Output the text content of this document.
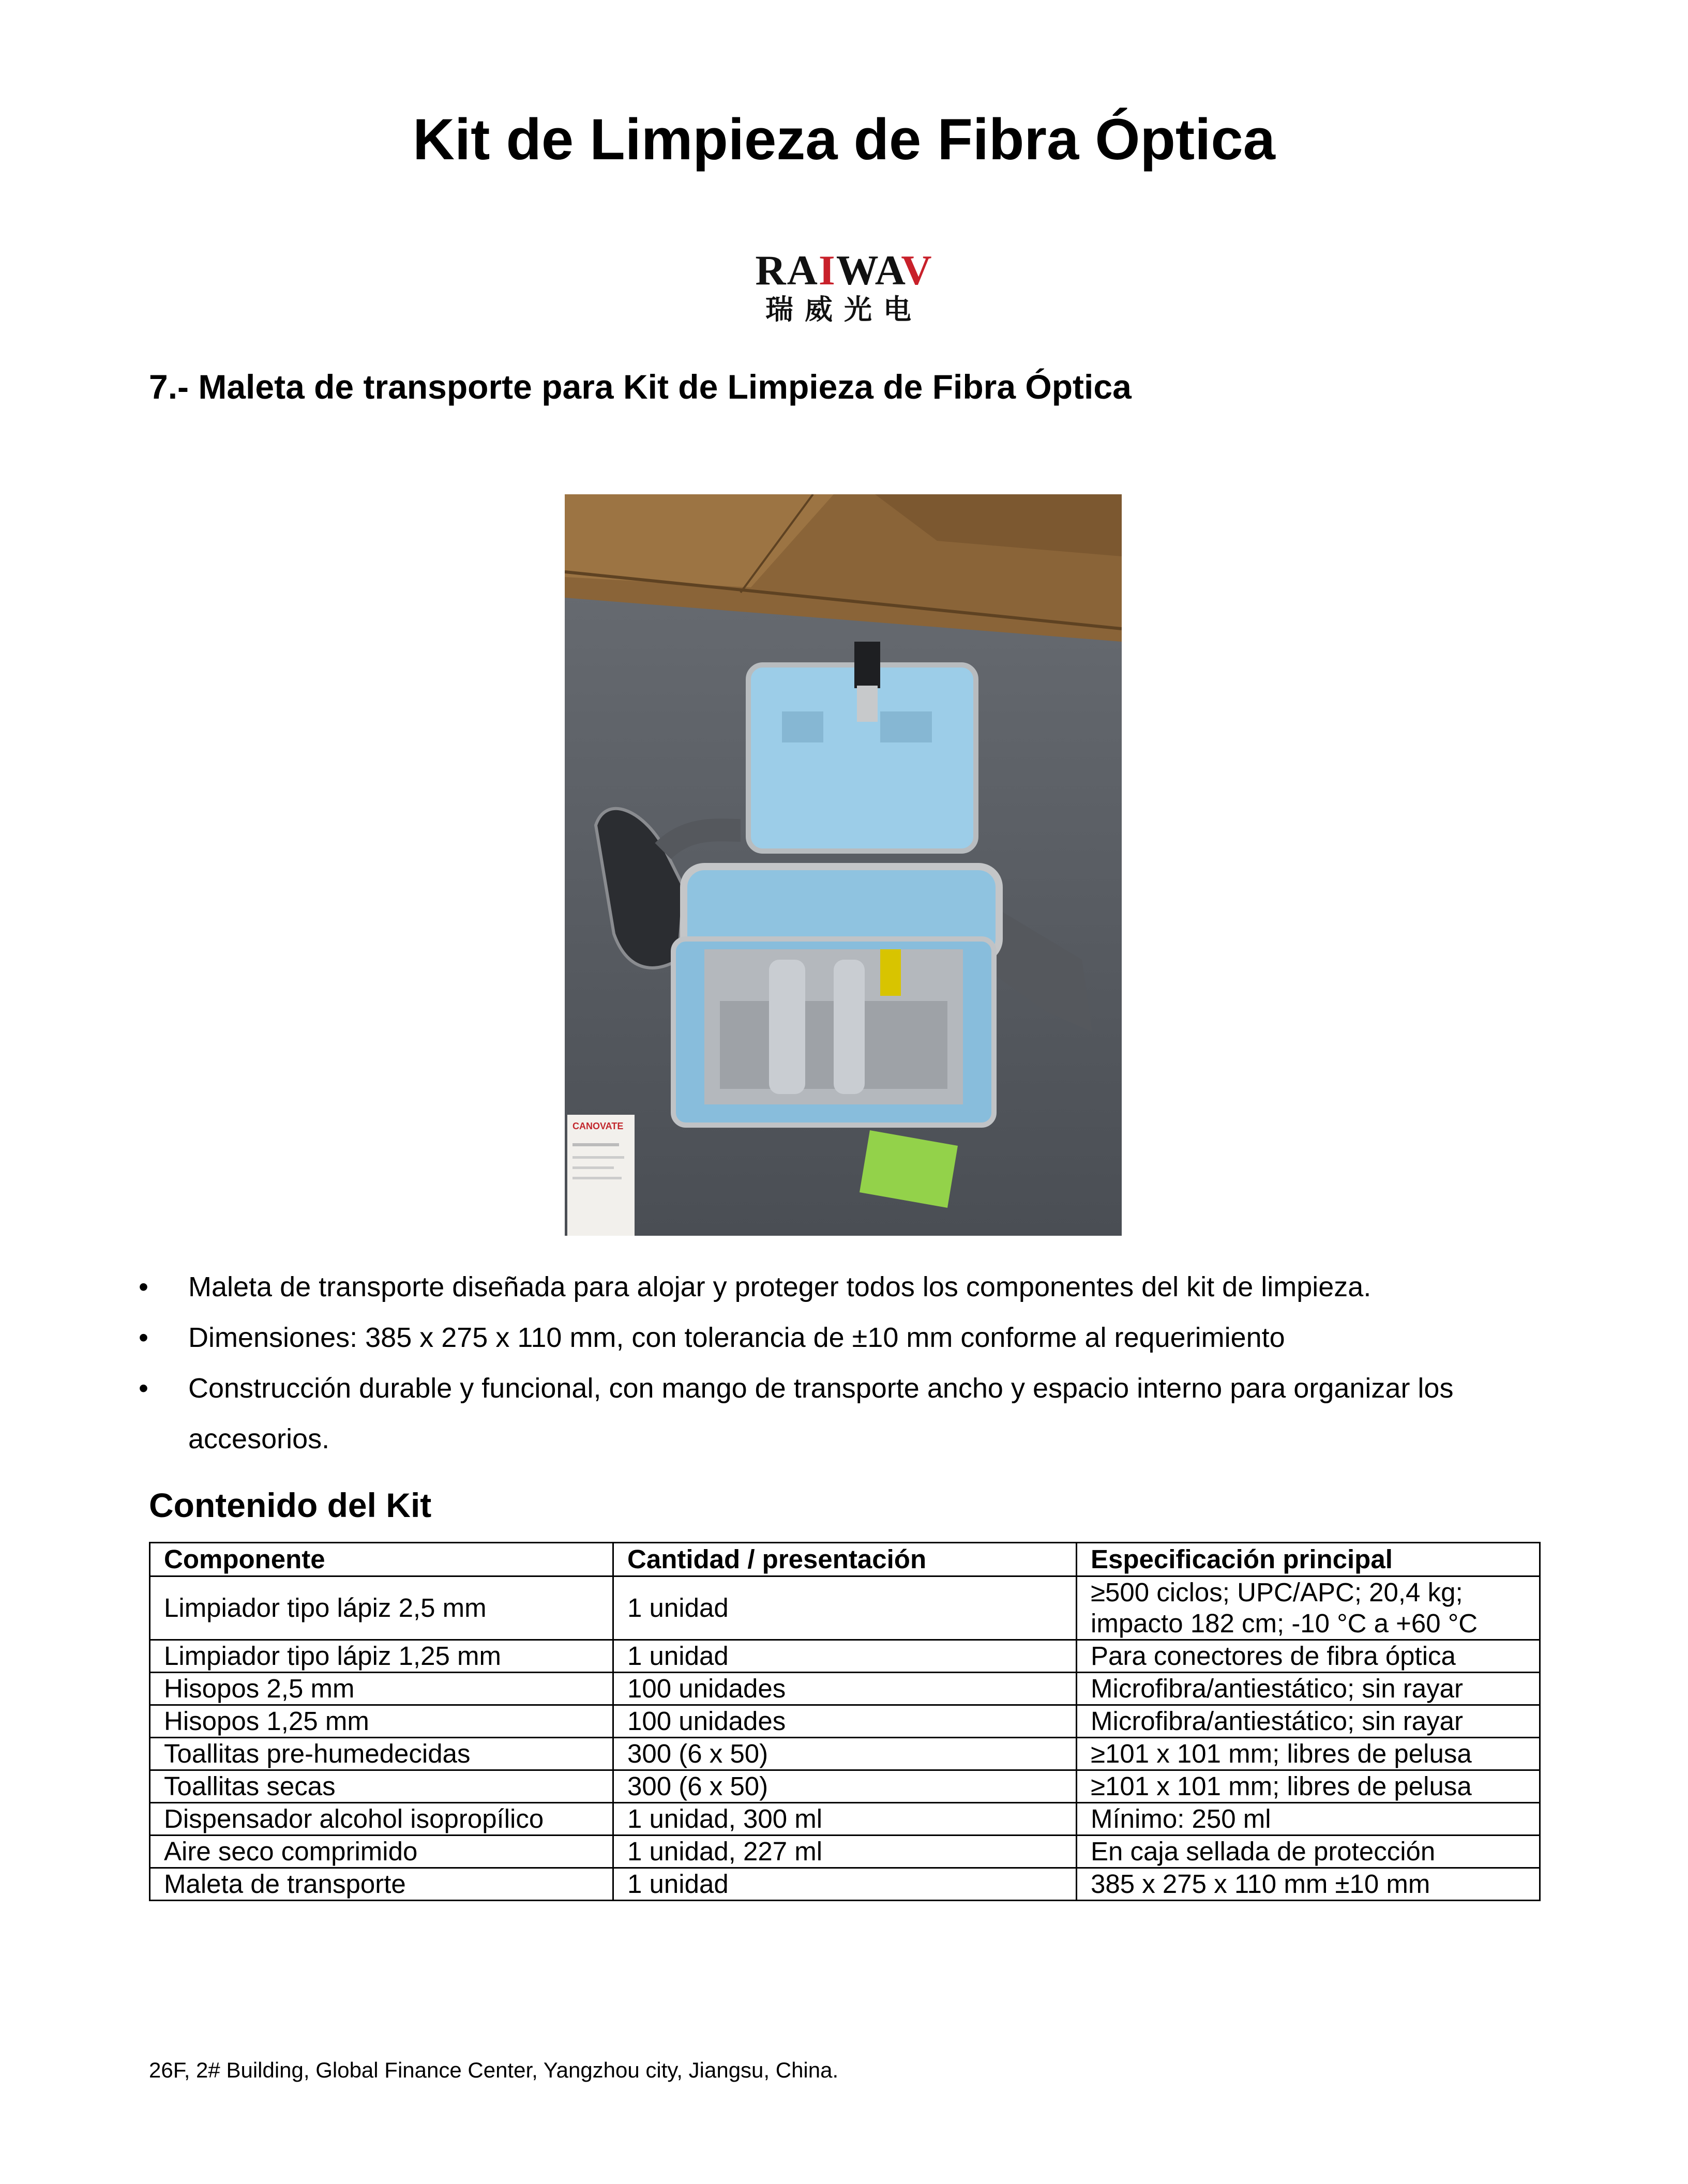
Kit de Limpieza de Fibra Óptica
RAIWAV
瑞威光电
7.- Maleta de transporte para Kit de Limpieza de Fibra Óptica
CANOVATE
• Maleta de transporte diseñada para alojar y proteger todos los componentes del kit de limpieza.
• Dimensiones: 385 x 275 x 110 mm, con tolerancia de ±10 mm conforme al requerimiento
• Construcción durable y funcional, con mango de transporte ancho y espacio interno para organizar los accesorios.
Contenido del Kit
Componente	Cantidad / presentación	Especificación principal
Limpiador tipo lápiz 2,5 mm	1 unidad	≥500 ciclos; UPC/APC; 20,4 kg; impacto 182 cm; -10 °C a +60 °C
Limpiador tipo lápiz 1,25 mm	1 unidad	Para conectores de fibra óptica
Hisopos 2,5 mm	100 unidades	Microfibra/antiestático; sin rayar
Hisopos 1,25 mm	100 unidades	Microfibra/antiestático; sin rayar
Toallitas pre-humedecidas	300 (6 x 50)	≥101 x 101 mm; libres de pelusa
Toallitas secas	300 (6 x 50)	≥101 x 101 mm; libres de pelusa
Dispensador alcohol isopropílico	1 unidad, 300 ml	Mínimo: 250 ml
Aire seco comprimido	1 unidad, 227 ml	En caja sellada de protección
Maleta de transporte	1 unidad	385 x 275 x 110 mm ±10 mm
26F, 2# Building, Global Finance Center, Yangzhou city, Jiangsu, China.
